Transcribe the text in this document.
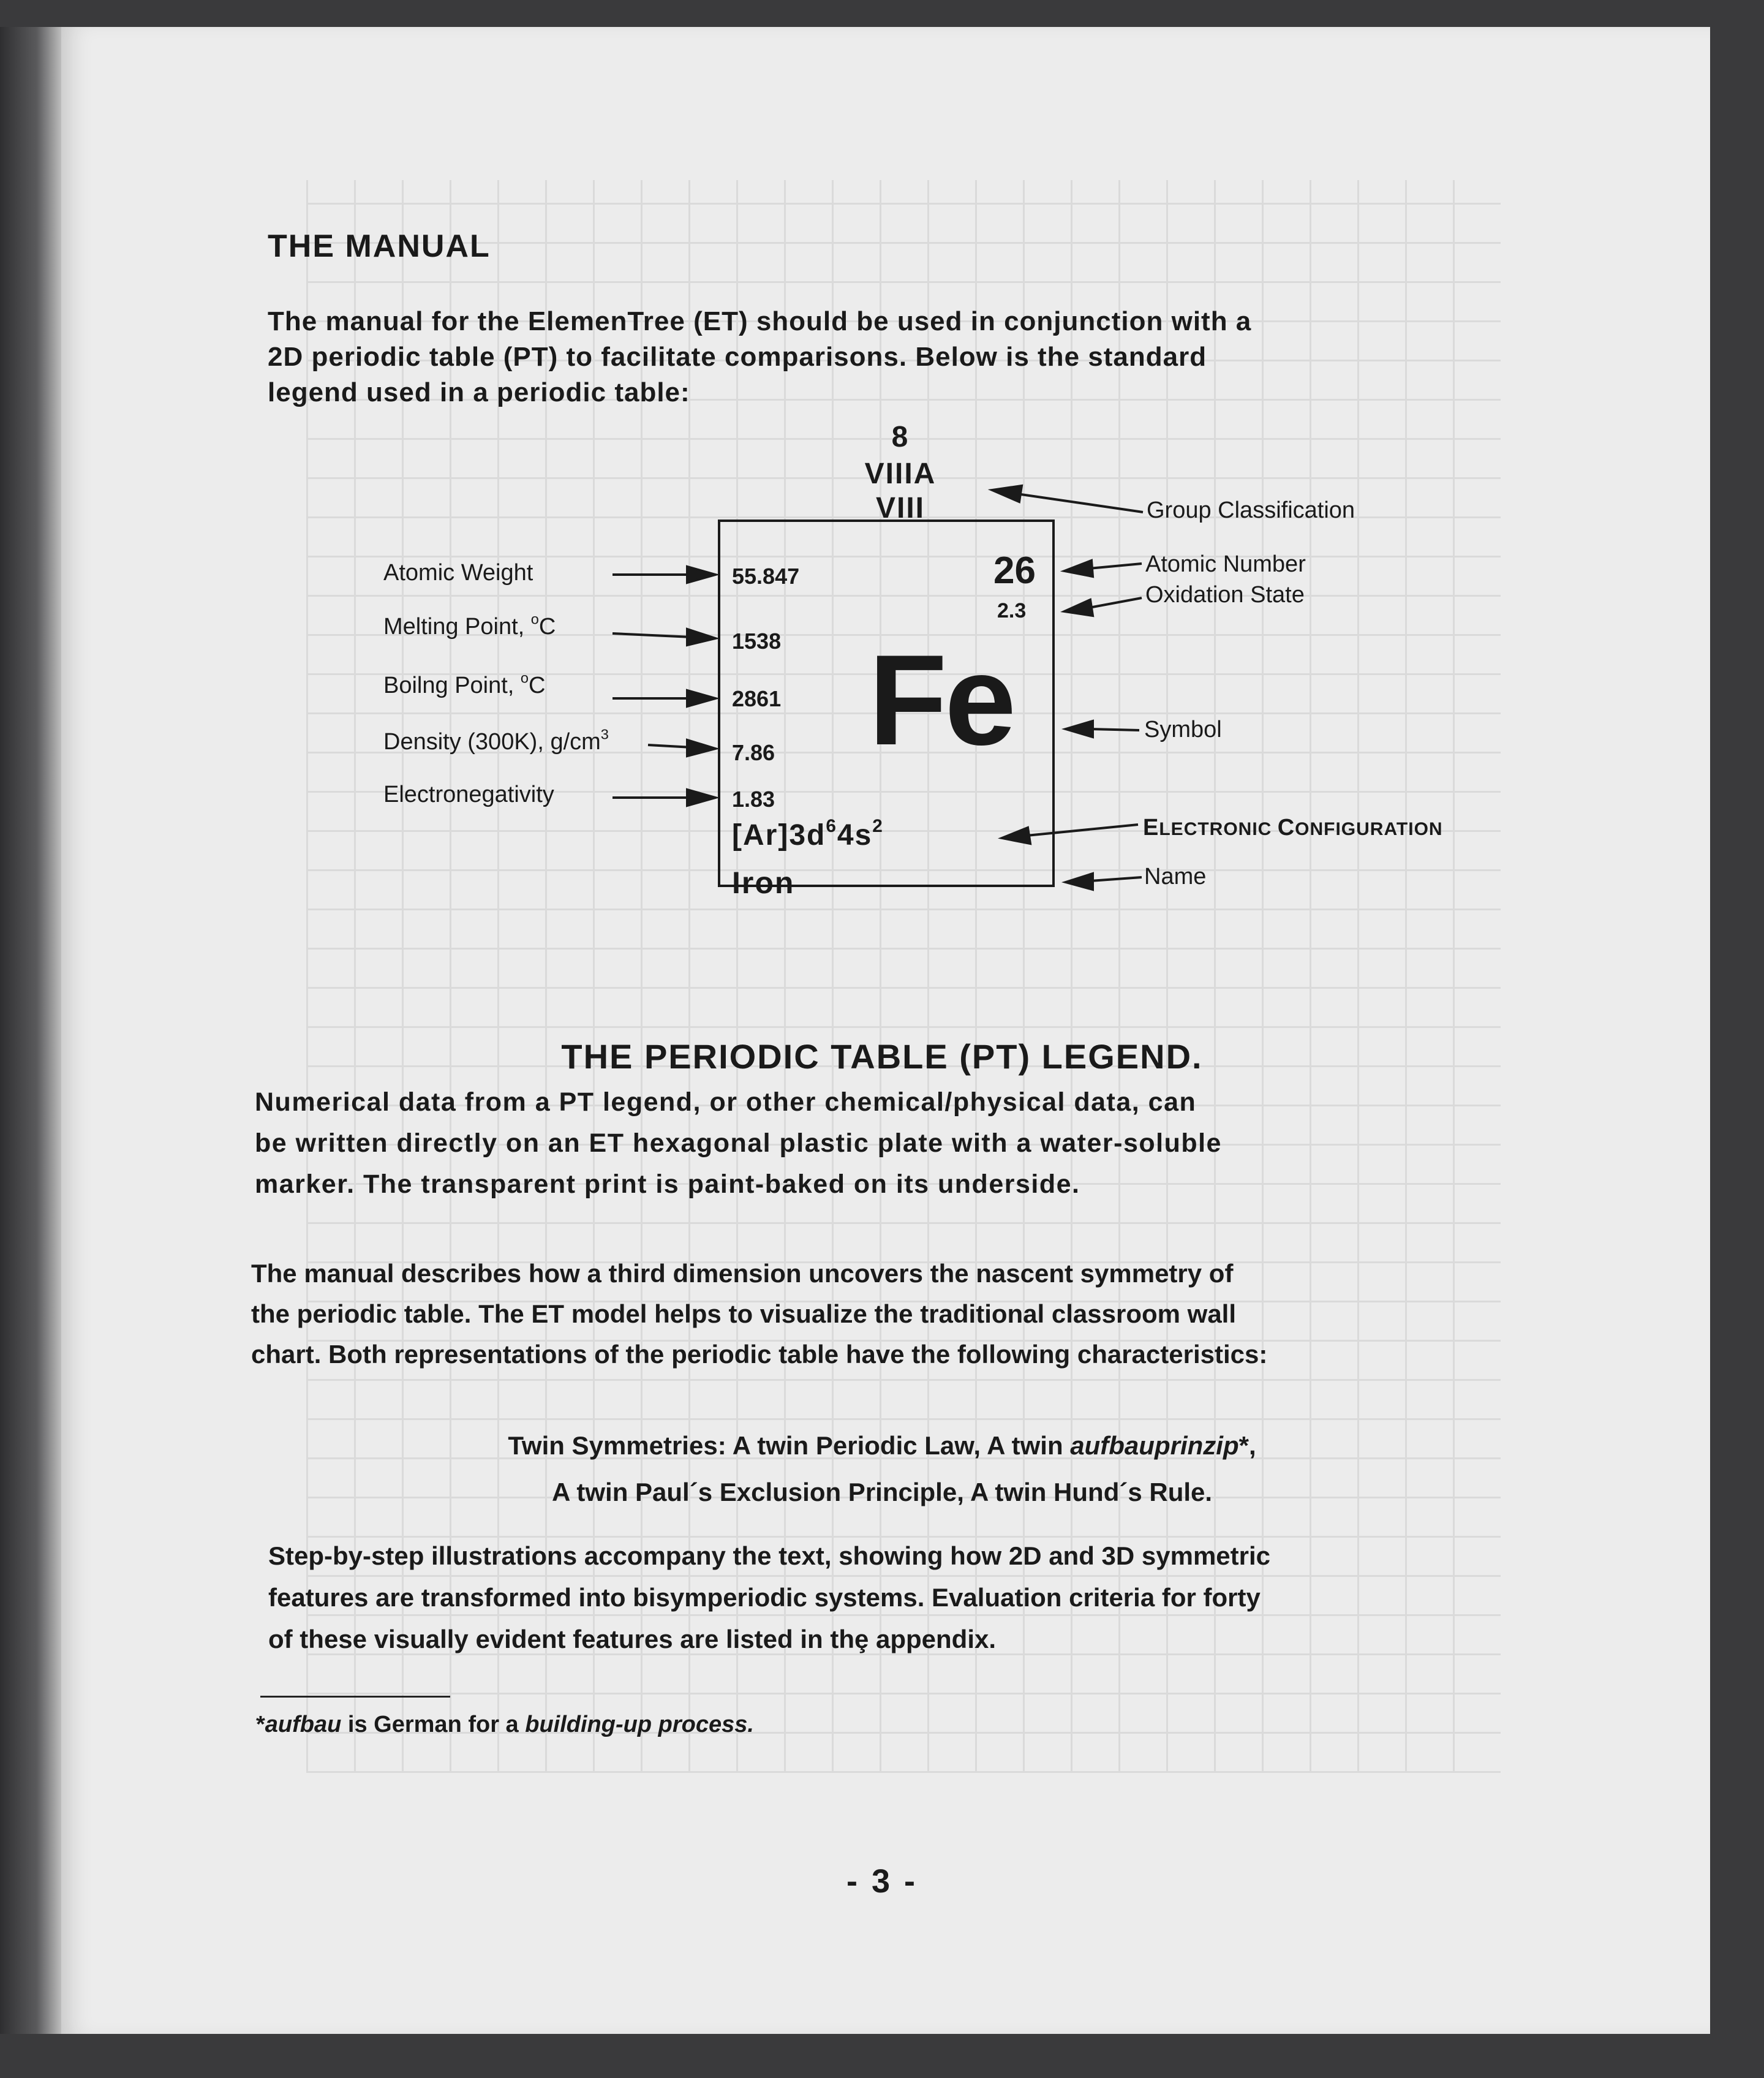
THE MANUAL
The manual for the ElemenTree (ET) should be used in conjunction with a
2D periodic table (PT) to facilitate comparisons. Below is the standard
legend used in a periodic table:
8
VIIIA
VIII
Atomic Weight
Melting Point, $^o$C
Boilng Point, $^o$C
Density (300K), $g/cm^3$
Electronegativity
55.847
1538
2861
7.86
1.83
26
2.3
Fe
$[Ar]3d^64s^2$
Iron
Group Classification
Atomic Number
Oxidation State
Symbol
ELECTRONIC CONFIGURATION
Name
THE PERIODIC TABLE (PT) LEGEND.
Numerical data from a PT legend, or other chemical/physical data, can
be written directly on an ET hexagonal plastic plate with a water-soluble
marker. The transparent print is paint-baked on its underside.
The manual describes how a third dimension uncovers the nascent symmetry of
the periodic table. The ET model helps to visualize the traditional classroom wall
chart. Both representations of the periodic table have the following characteristics:
Twin Symmetries: A twin Periodic Law, A twin aufbauprinzip*,
A twin Paul´s Exclusion Principle, A twin Hund´s Rule.
Step-by-step illustrations accompany the text, showing how 2D and 3D symmetric
features are transformed into bisymperiodic systems. Evaluation criteria for forty
of these visually evident features are listed in thȩ appendix.
*aufbau is German for a building-up process.
- 3 -
